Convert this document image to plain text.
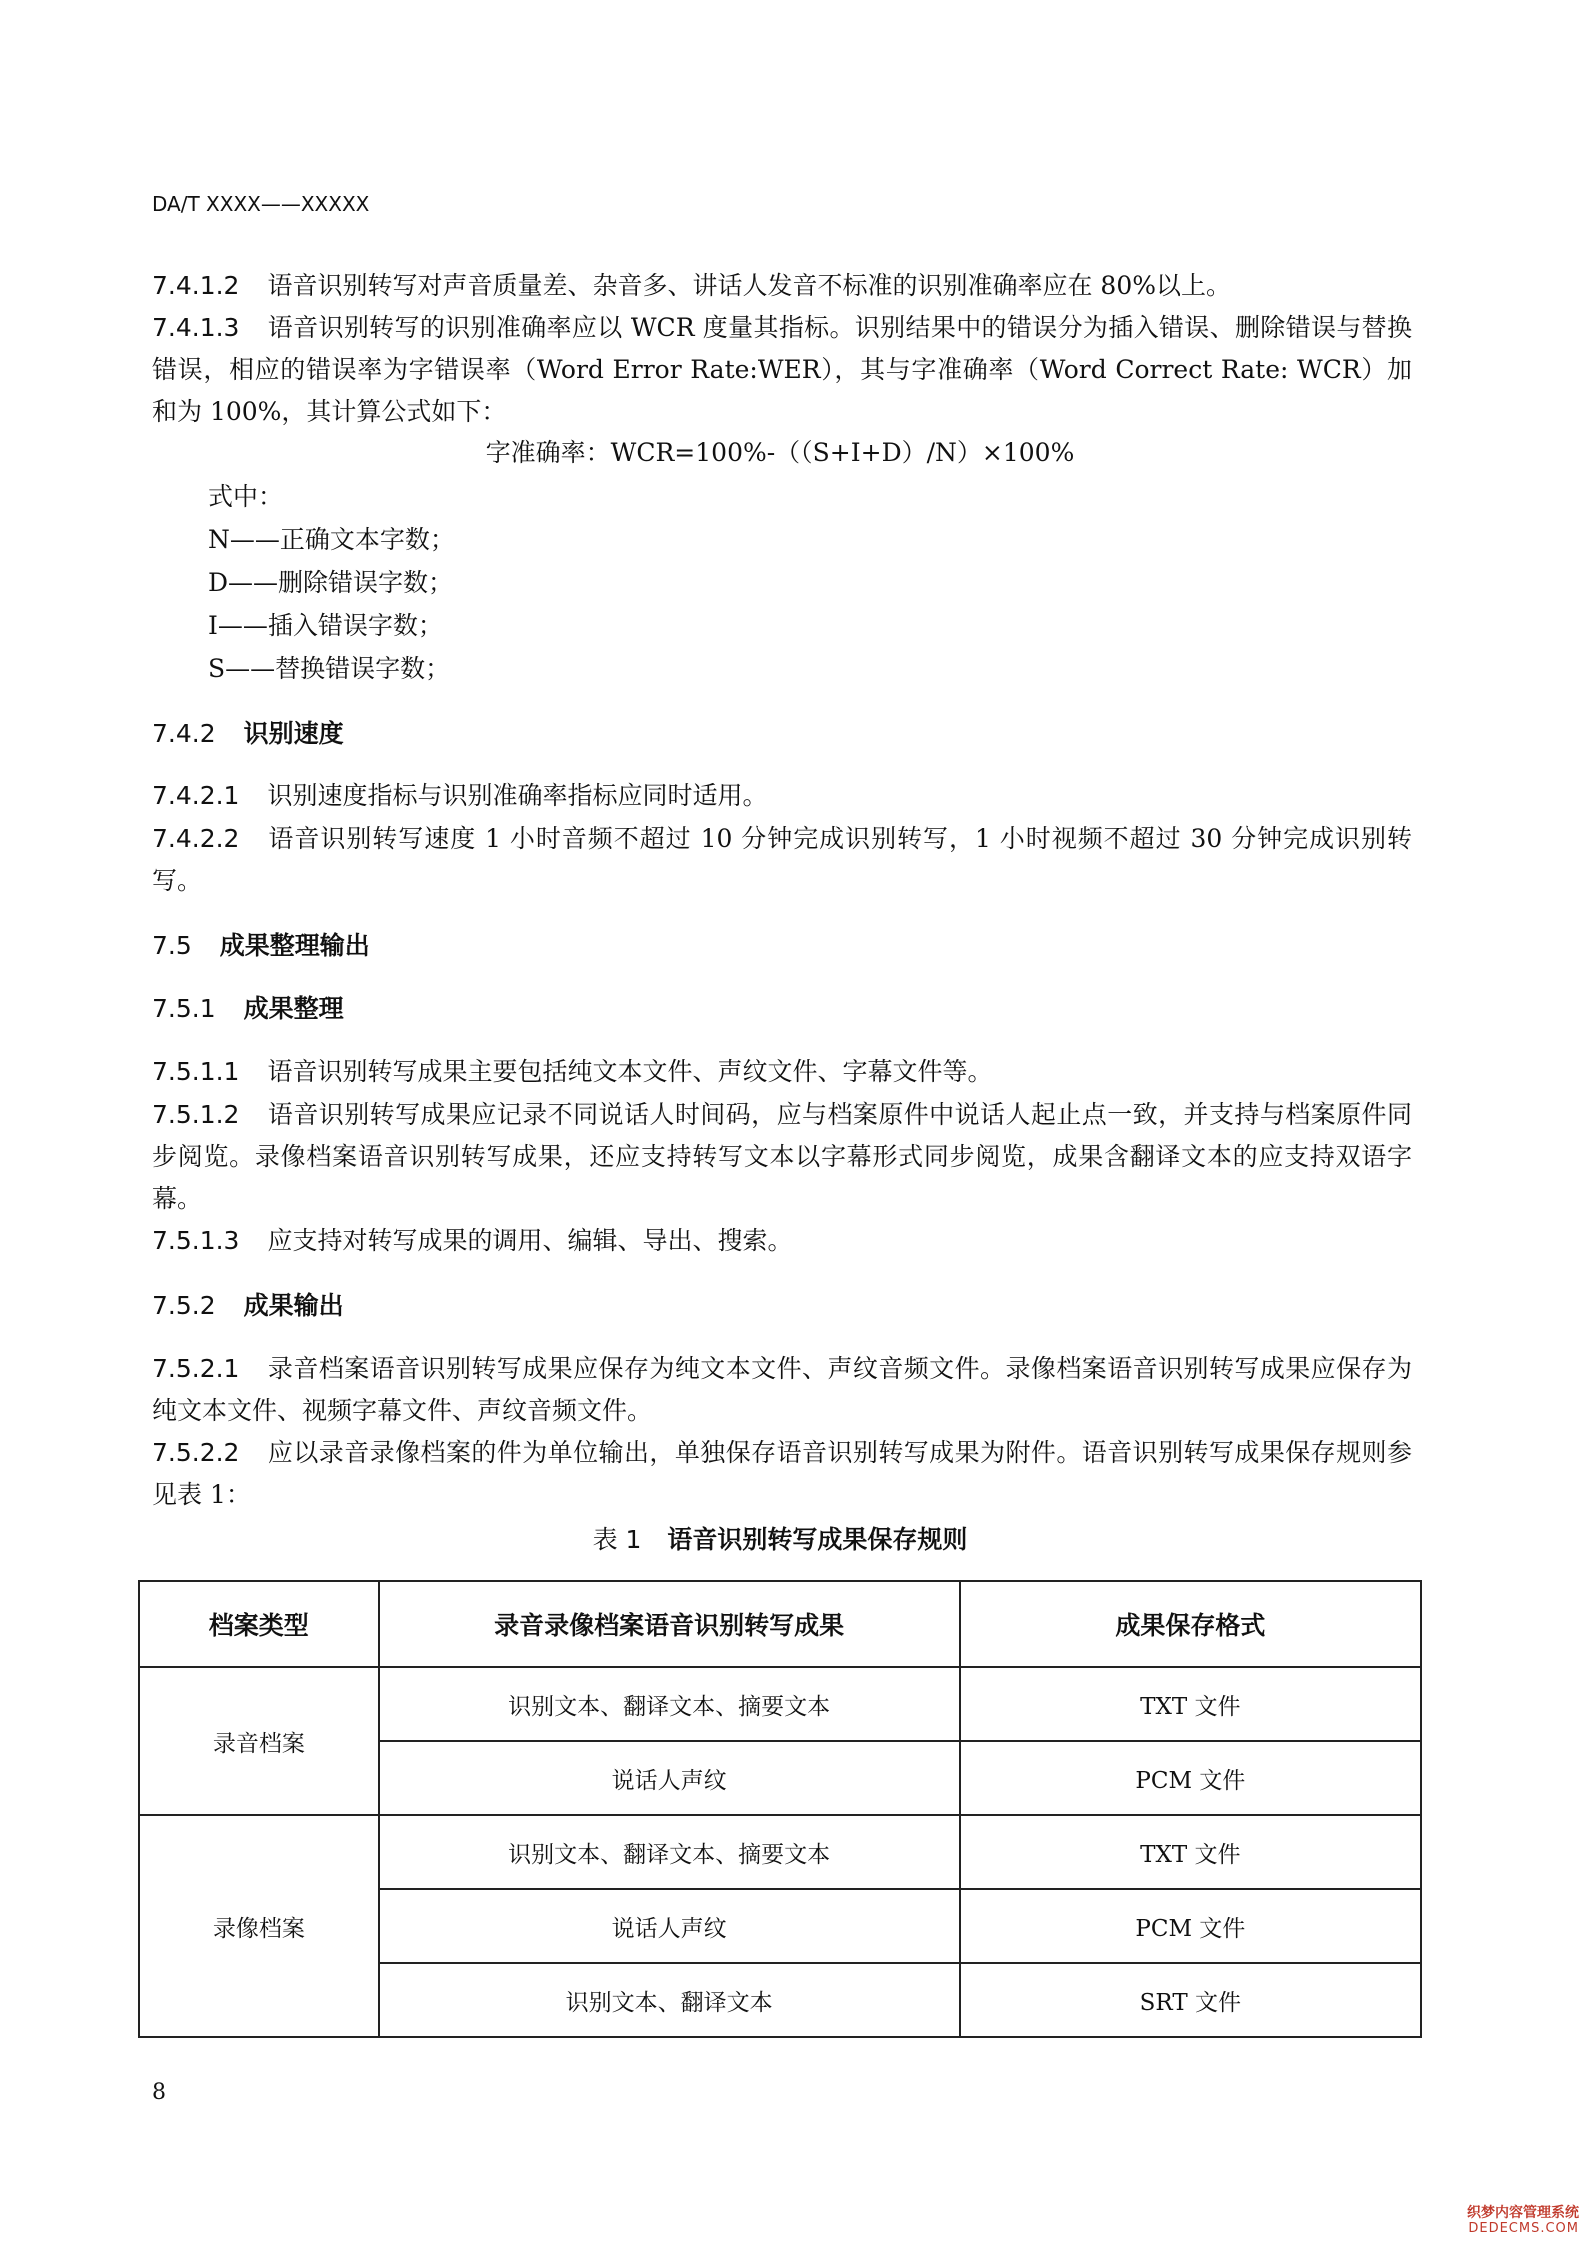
DA/T XXXX——XXXXX
7.4.1.2 语音识别转写对声音质量差、杂音多、讲话人发音不标准的识别准确率应在 80%以上。
7.4.1.3 语音识别转写的识别准确率应以 WCR 度量其指标。识别结果中的错误分为插入错误、删除错误与替换错误，相应的错误率为字错误率（Word Error Rate:WER），其与字准确率（Word Correct Rate: WCR）加和为 100%，其计算公式如下：
字准确率：WCR=100%-（（S+I+D）/N）×100%
式中：
N——正确文本字数；
D——删除错误字数；
I——插入错误字数；
S——替换错误字数；
7.4.2 识别速度
7.4.2.1 识别速度指标与识别准确率指标应同时适用。
7.4.2.2 语音识别转写速度 1 小时音频不超过 10 分钟完成识别转写，1 小时视频不超过 30 分钟完成识别转写。
7.5 成果整理输出
7.5.1 成果整理
7.5.1.1 语音识别转写成果主要包括纯文本文件、声纹文件、字幕文件等。
7.5.1.2 语音识别转写成果应记录不同说话人时间码，应与档案原件中说话人起止点一致，并支持与档案原件同步阅览。录像档案语音识别转写成果，还应支持转写文本以字幕形式同步阅览，成果含翻译文本的应支持双语字幕。
7.5.1.3 应支持对转写成果的调用、编辑、导出、搜索。
7.5.2 成果输出
7.5.2.1 录音档案语音识别转写成果应保存为纯文本文件、声纹音频文件。录像档案语音识别转写成果应保存为纯文本文件、视频字幕文件、声纹音频文件。
7.5.2.2 应以录音录像档案的件为单位输出，单独保存语音识别转写成果为附件。语音识别转写成果保存规则参见表 1：
表 1 语音识别转写成果保存规则
档案类型	录音录像档案语音识别转写成果	成果保存格式
录音档案	识别文本、翻译文本、摘要文本	TXT 文件
	说话人声纹	PCM 文件
录像档案	识别文本、翻译文本、摘要文本	TXT 文件
	说话人声纹	PCM 文件
	识别文本、翻译文本	SRT 文件
8
织梦内容管理系统
DEDECMS.COM
